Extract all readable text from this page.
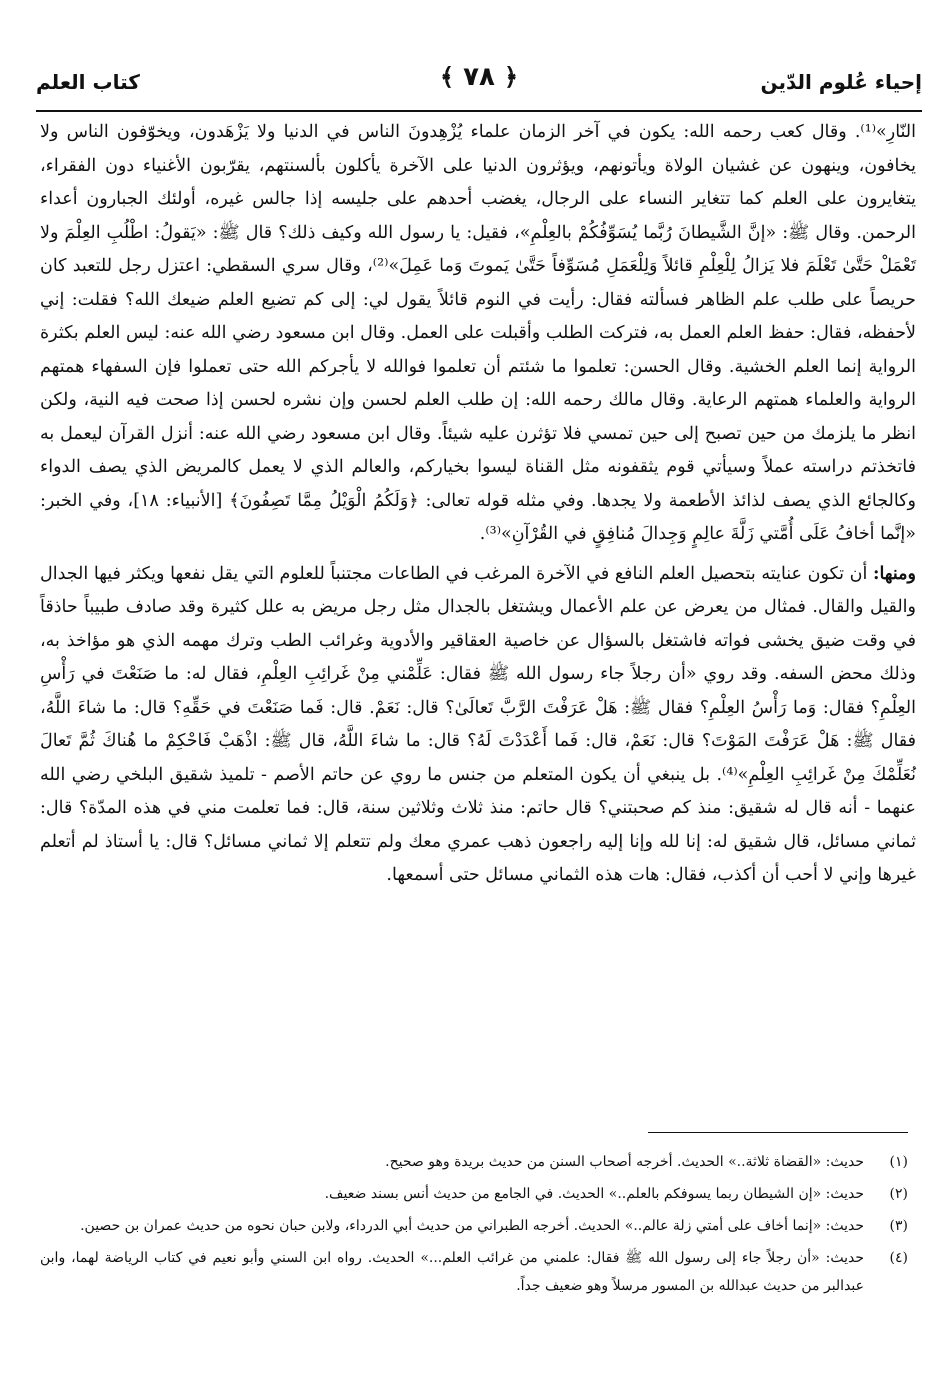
إحياء عُلوم الدّين
﴿ ٧٨ ﴾
كتاب العلم

النّارِ»⁽¹⁾. وقال كعب رحمه الله: يكون في آخر الزمان علماء يُزْهِدونَ الناس في الدنيا ولا يَزْهَدون، ويخوّفون الناس ولا يخافون، وينهون عن غشيان الولاة ويأتونهم، ويؤثرون الدنيا على الآخرة يأكلون بألسنتهم، يقرّبون الأغنياء دون الفقراء، يتغايرون على العلم كما تتغاير النساء على الرجال، يغضب أحدهم على جليسه إذا جالس غيره، أولئك الجبارون أعداء الرحمن. وقال ﷺ: «إنَّ الشَّيطانَ رُبَّما يُسَوِّفُكُمْ بالعِلْمِ»، فقيل: يا رسول الله وكيف ذلك؟ قال ﷺ: «يَقولُ: اطْلُبِ العِلْمَ ولا تَعْمَلْ حَتَّىٰ تَعْلَمَ فلا يَزالُ لِلْعِلْمِ قائلاً وَلِلْعَمَلِ مُسَوِّفاً حَتَّىٰ يَموتَ وَما عَمِلَ»⁽²⁾، وقال سري السقطي: اعتزل رجل للتعبد كان حريصاً على طلب علم الظاهر فسألته فقال: رأيت في النوم قائلاً يقول لي: إلى كم تضيع العلم ضيعك الله؟ فقلت: إني لأحفظه، فقال: حفظ العلم العمل به، فتركت الطلب وأقبلت على العمل. وقال ابن مسعود رضي الله عنه: ليس العلم بكثرة الرواية إنما العلم الخشية. وقال الحسن: تعلموا ما شئتم أن تعلموا فوالله لا يأجركم الله حتى تعملوا فإن السفهاء همتهم الرواية والعلماء همتهم الرعاية. وقال مالك رحمه الله: إن طلب العلم لحسن وإن نشره لحسن إذا صحت فيه النية، ولكن انظر ما يلزمك من حين تصبح إلى حين تمسي فلا تؤثرن عليه شيئاً. وقال ابن مسعود رضي الله عنه: أنزل القرآن ليعمل به فاتخذتم دراسته عملاً وسيأتي قوم يثقفونه مثل القناة ليسوا بخياركم، والعالم الذي لا يعمل كالمريض الذي يصف الدواء وكالجائع الذي يصف لذائذ الأطعمة ولا يجدها. وفي مثله قوله تعالى: ﴿وَلَكُمُ الْوَيْلُ مِمَّا تَصِفُونَ﴾ [الأنبياء: ١٨]، وفي الخبر: «إنَّما أخافُ عَلَى أُمَّتي زَلَّةَ عالِمٍ وَجِدالَ مُنافِقٍ في القُرْآنِ»⁽³⁾.

ومنها: أن تكون عنايته بتحصيل العلم النافع في الآخرة المرغب في الطاعات مجتنباً للعلوم التي يقل نفعها ويكثر فيها الجدال والقيل والقال. فمثال من يعرض عن علم الأعمال ويشتغل بالجدال مثل رجل مريض به علل كثيرة وقد صادف طبيباً حاذقاً في وقت ضيق يخشى فواته فاشتغل بالسؤال عن خاصية العقاقير والأدوية وغرائب الطب وترك مهمه الذي هو مؤاخذ به، وذلك محض السفه. وقد روي «أن رجلاً جاء رسول الله ﷺ فقال: عَلِّمْني مِنْ غَرائِبِ العِلْمِ، فقال له: ما صَنَعْتَ في رَأْسِ العِلْمِ؟ فقال: وَما رَأْسُ العِلْمِ؟ فقال ﷺ: هَلْ عَرَفْتَ الرَّبَّ تَعالَىٰ؟ قال: نَعَمْ. قال: فَما صَنَعْتَ في حَقِّهِ؟ قال: ما شاءَ اللَّهُ، فقال ﷺ: هَلْ عَرَفْتَ المَوْتَ؟ قال: نَعَمْ، قال: فَما أَعْدَدْتَ لَهُ؟ قال: ما شاءَ اللَّهُ، قال ﷺ: اذْهَبْ فَاحْكِمْ ما هُناكَ ثُمَّ تَعالَ نُعَلِّمْكَ مِنْ غَرائِبِ العِلْمِ»⁽⁴⁾. بل ينبغي أن يكون المتعلم من جنس ما روي عن حاتم الأصم - تلميذ شقيق البلخي رضي الله عنهما - أنه قال له شقيق: منذ كم صحبتني؟ قال حاتم: منذ ثلاث وثلاثين سنة، قال: فما تعلمت مني في هذه المدّة؟ قال: ثماني مسائل، قال شقيق له: إنا لله وإنا إليه راجعون ذهب عمري معك ولم تتعلم إلا ثماني مسائل؟ قال: يا أستاذ لم أتعلم غيرها وإني لا أحب أن أكذب، فقال: هات هذه الثماني مسائل حتى أسمعها.

(١)
حديث: «القضاة ثلاثة..» الحديث. أخرجه أصحاب السنن من حديث بريدة وهو صحيح.
(٢)
حديث: «إن الشيطان ربما يسوفكم بالعلم..» الحديث. في الجامع من حديث أنس بسند ضعيف.
(٣)
حديث: «إنما أخاف على أمتي زلة عالم..» الحديث. أخرجه الطبراني من حديث أبي الدرداء، ولابن حبان نحوه من حديث عمران بن حصين.
(٤)
حديث: «أن رجلاً جاء إلى رسول الله ﷺ فقال: علمني من غرائب العلم...» الحديث. رواه ابن السني وأبو نعيم في كتاب الرياضة لهما، وابن عبدالبر من حديث عبدالله بن المسور مرسلاً وهو ضعيف جداً.
